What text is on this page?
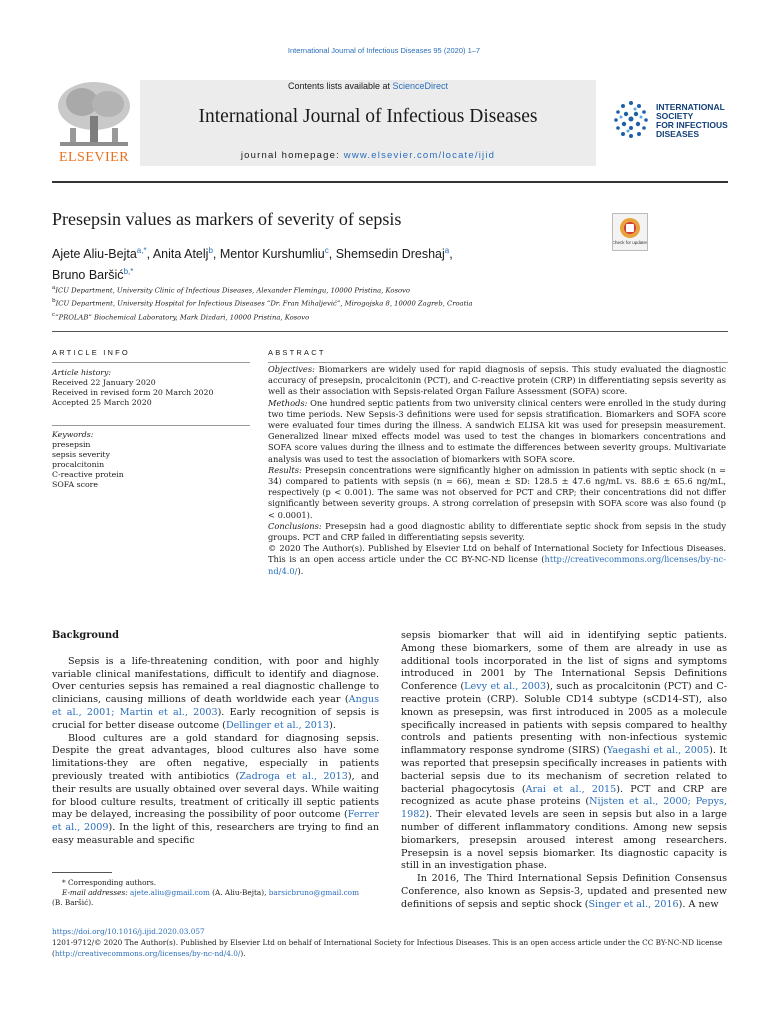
International Journal of Infectious Diseases 95 (2020) 1–7
ELSEVIER
Contents lists available at ScienceDirect
International Journal of Infectious Diseases
journal homepage: www.elsevier.com/locate/ijid
INTERNATIONAL
SOCIETY
FOR INFECTIOUS
DISEASES
Presepsin values as markers of severity of sepsis
Check for updates
Ajete Aliu-Bejta$^{a,*}$, Anita Atelj$^b$, Mentor Kurshumliu$^c$, Shemsedin Dreshaj$^a$,
Bruno Baršić$^{b,*}$
$^a$ICU Department, University Clinic of Infectious Diseases, Alexander Flemingu, 10000 Pristina, Kosovo
$^b$ICU Department, University Hospital for Infectious Diseases “Dr. Fran Mihaljević”, Mirogojska 8, 10000 Zagreb, Croatia
$^c$“PROLAB” Biochemical Laboratory, Mark Dizdari, 10000 Pristina, Kosovo
ARTICLE INFO
Article history:
Received 22 January 2020
Received in revised form 20 March 2020
Accepted 25 March 2020
Keywords:
presepsin
sepsis severity
procalcitonin
C-reactive protein
SOFA score
ABSTRACT

Objectives: Biomarkers are widely used for rapid diagnosis of sepsis. This study evaluated the diagnostic accuracy of presepsin, procalcitonin (PCT), and C-reactive protein (CRP) in differentiating sepsis severity as well as their association with Sepsis-related Organ Failure Assessment (SOFA) score.

Methods: One hundred septic patients from two university clinical centers were enrolled in the study during two time periods. New Sepsis-3 definitions were used for sepsis stratification. Biomarkers and SOFA score were evaluated four times during the illness. A sandwich ELISA kit was used for presepsin measurement. Generalized linear mixed effects model was used to test the changes in biomarkers concentrations and SOFA score values during the illness and to estimate the differences between severity groups. Multivariate analysis was used to test the association of biomarkers with SOFA score.

Results: Presepsin concentrations were significantly higher on admission in patients with septic shock (n = 34) compared to patients with sepsis (n = 66), mean ± SD: 128.5 ± 47.6 ng/mL vs. 88.6 ± 65.6 ng/mL, respectively (p < 0.001). The same was not observed for PCT and CRP; their concentrations did not differ significantly between severity groups. A strong correlation of presepsin with SOFA score was also found (p < 0.0001).

Conclusions: Presepsin had a good diagnostic ability to differentiate septic shock from sepsis in the study groups. PCT and CRP failed in differentiating sepsis severity.

© 2020 The Author(s). Published by Elsevier Ltd on behalf of International Society for Infectious Diseases. This is an open access article under the CC BY-NC-ND license (http://creativecommons.org/licenses/by-nc-nd/4.0/).

Background

Sepsis is a life-threatening condition, with poor and highly variable clinical manifestations, difficult to identify and diagnose. Over centuries sepsis has remained a real diagnostic challenge to clinicians, causing millions of death worldwide each year (Angus et al., 2001; Martin et al., 2003). Early recognition of sepsis is crucial for better disease outcome (Dellinger et al., 2013).

Blood cultures are a gold standard for diagnosing sepsis. Despite the great advantages, blood cultures also have some limitations-they are often negative, especially in patients previously treated with antibiotics (Zadroga et al., 2013), and their results are usually obtained over several days. While waiting for blood culture results, treatment of critically ill septic patients may be delayed, increasing the possibility of poor outcome (Ferrer et al., 2009). In the light of this, researchers are trying to find an easy measurable and specific

sepsis biomarker that will aid in identifying septic patients. Among these biomarkers, some of them are already in use as additional tools incorporated in the list of signs and symptoms introduced in 2001 by The International Sepsis Definitions Conference (Levy et al., 2003), such as procalcitonin (PCT) and C-reactive protein (CRP). Soluble CD14 subtype (sCD14-ST), also known as presepsin, was first introduced in 2005 as a molecule specifically increased in patients with sepsis compared to healthy controls and patients presenting with non-infectious systemic inflammatory response syndrome (SIRS) (Yaegashi et al., 2005). It was reported that presepsin specifically increases in patients with bacterial sepsis due to its mechanism of secretion related to bacterial phagocytosis (Arai et al., 2015). PCT and CRP are recognized as acute phase proteins (Nijsten et al., 2000; Pepys, 1982). Their elevated levels are seen in sepsis but also in a large number of different inflammatory conditions. Among new sepsis biomarkers, presepsin aroused interest among researchers. Presepsin is a novel sepsis biomarker. Its diagnostic capacity is still in an investigation phase.

In 2016, The Third International Sepsis Definition Consensus Conference, also known as Sepsis-3, updated and presented new definitions of sepsis and septic shock (Singer et al., 2016). A new

* Corresponding authors.
E-mail addresses: ajete.aliu@gmail.com (A. Aliu-Bejta), barsicbruno@gmail.com
(B. Baršić).
https://doi.org/10.1016/j.ijid.2020.03.057
1201-9712/© 2020 The Author(s). Published by Elsevier Ltd on behalf of International Society for Infectious Diseases. This is an open access article under the CC BY-NC-ND license (http://creativecommons.org/licenses/by-nc-nd/4.0/).
